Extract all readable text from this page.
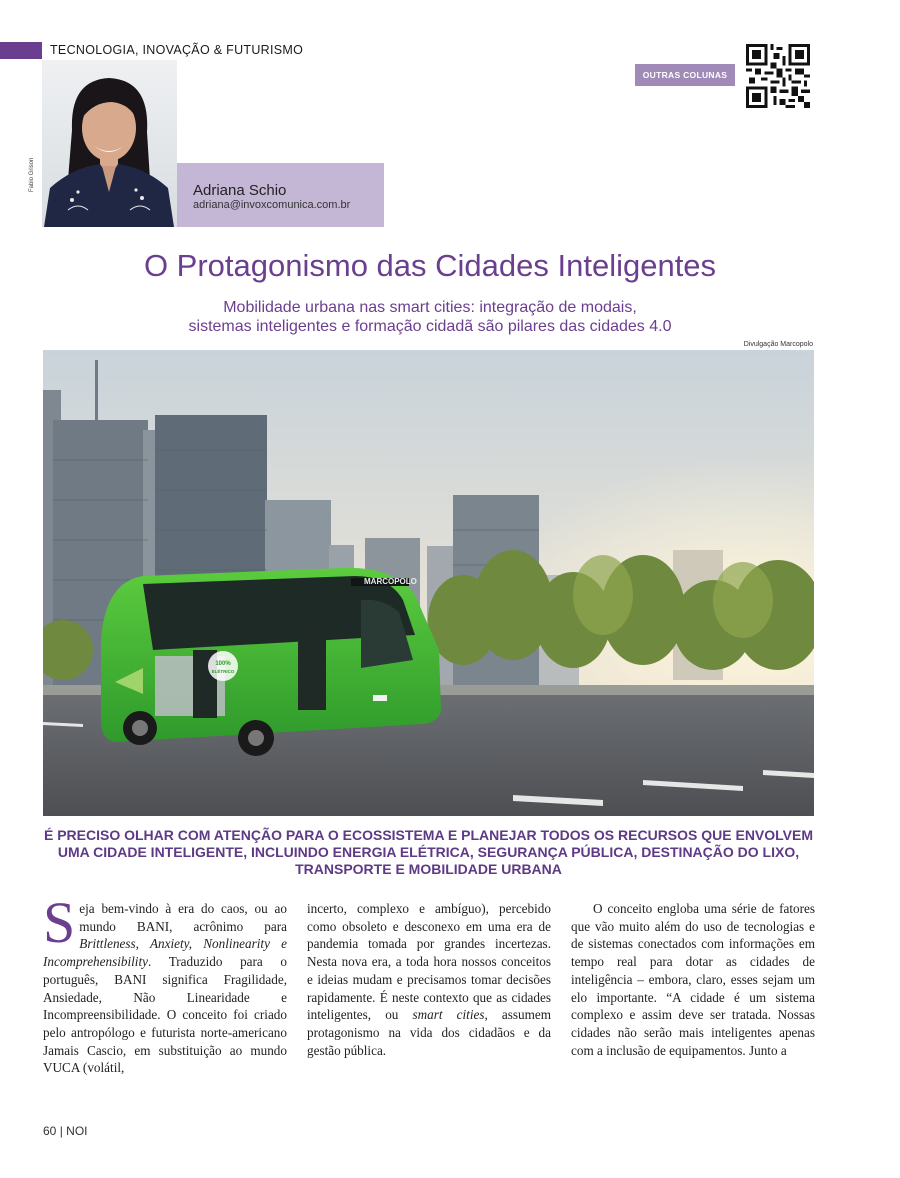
TECNOLOGIA, INOVAÇÃO & FUTURISMO
Fabio Grison	Adriana Schio
adriana@invoxcomunica.com.br
OUTRAS COLUNAS
O Protagonismo das Cidades Inteligentes
Mobilidade urbana nas smart cities: integração de modais,
sistemas inteligentes e formação cidadã são pilares das cidades 4.0
Divulgação Marcopolo
MARCOPOLO
100%
ELÉTRICO
É PRECISO OLHAR COM ATENÇÃO PARA O ECOSSISTEMA E PLANEJAR TODOS OS RECURSOS QUE ENVOLVEM UMA CIDADE INTELIGENTE, INCLUINDO ENERGIA ELÉTRICA, SEGURANÇA PÚBLICA, DESTINAÇÃO DO LIXO, TRANSPORTE E MOBILIDADE URBANA
Seja bem-vindo à era do caos, ou ao mundo BANI, acrônimo para Brittleness, Anxiety, Nonlinearity e Incomprehensibility. Traduzido para o português, BANI significa Fragilidade, Ansiedade, Não Linearidade e Incompreensibilidade. O conceito foi criado pelo antropólogo e futurista norte-americano Jamais Cascio, em substituição ao mundo VUCA (volátil,
incerto, complexo e ambíguo), percebido como obsoleto e desconexo em uma era de pandemia tomada por grandes incertezas. Nesta nova era, a toda hora nossos conceitos e ideias mudam e precisamos tomar decisões rapidamente. É neste contexto que as cidades inteligentes, ou smart cities, assumem protagonismo na vida dos cidadãos e da gestão pública.
O conceito engloba uma série de fatores que vão muito além do uso de tecnologias e de sistemas conectados com informações em tempo real para dotar as cidades de inteligência – embora, claro, esses sejam um elo importante. “A cidade é um sistema complexo e assim deve ser tratada. Nossas cidades não serão mais inteligentes apenas com a inclusão de equipamentos. Junto a
60 | NOI
